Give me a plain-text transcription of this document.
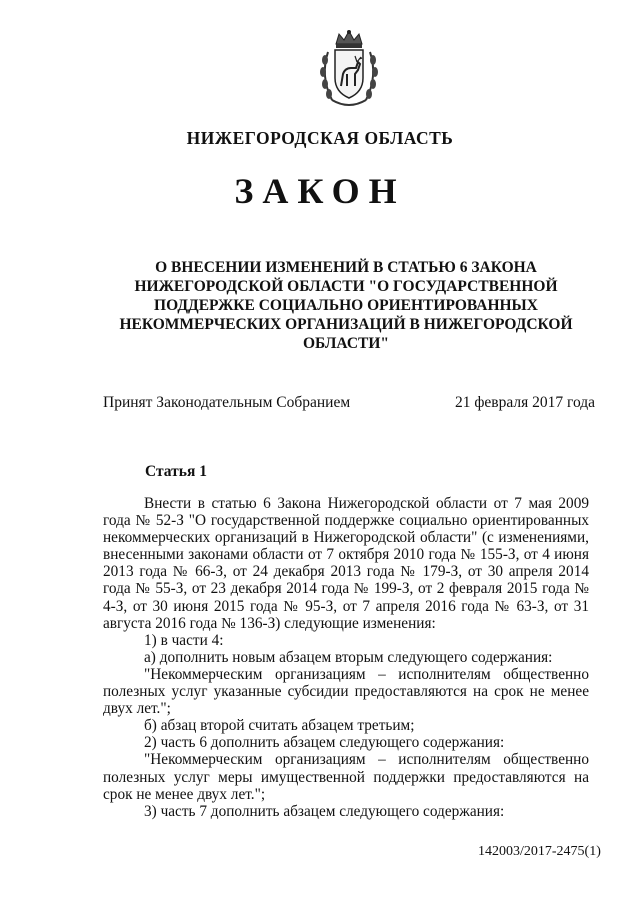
НИЖЕГОРОДСКАЯ ОБЛАСТЬ
ЗАКОН
О ВНЕСЕНИИ ИЗМЕНЕНИЙ В СТАТЬЮ 6 ЗАКОНА
НИЖЕГОРОДСКОЙ ОБЛАСТИ "О ГОСУДАРСТВЕННОЙ
ПОДДЕРЖКЕ СОЦИАЛЬНО ОРИЕНТИРОВАННЫХ
НЕКОММЕРЧЕСКИХ ОРГАНИЗАЦИЙ В НИЖЕГОРОДСКОЙ
ОБЛАСТИ"
Принят Законодательным Собранием	21 февраля 2017 года
Статья 1

Внести в статью 6 Закона Нижегородской области от 7 мая 2009 года № 52-З "О государственной поддержке социально ориентированных некоммерческих организаций в Нижегородской области" (с изменениями, внесенными законами области от 7 октября 2010 года № 155-З, от 4 июня 2013 года № 66-З, от 24 декабря 2013 года № 179-З, от 30 апреля 2014 года № 55-З, от 23 декабря 2014 года № 199-З, от 2 февраля 2015 года № 4-З, от 30 июня 2015 года № 95-З, от 7 апреля 2016 года № 63-З, от 31 августа 2016 года № 136-З) следующие изменения:

1) в части 4:

а) дополнить новым абзацем вторым следующего содержания:

"Некоммерческим организациям – исполнителям общественно полезных услуг указанные субсидии предоставляются на срок не менее двух лет.";

б) абзац второй считать абзацем третьим;

2) часть 6 дополнить абзацем следующего содержания:

"Некоммерческим организациям – исполнителям общественно полезных услуг меры имущественной поддержки предоставляются на срок не менее двух лет.";

3) часть 7 дополнить абзацем следующего содержания:

142003/2017-2475(1)
